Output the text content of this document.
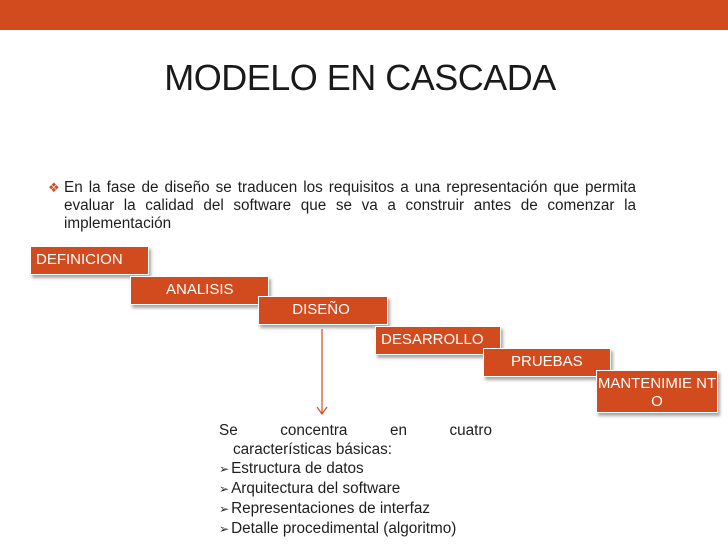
MODELO EN CASCADA
❖ En la fase de diseño se traducen los requisitos a una representación que permita evaluar la calidad del software que se va a construir antes de comenzar la implementación
DEFINICION
ANALISIS
DISEÑO
DESARROLLO
PRUEBAS
MANTENIMIE NTO
Se concentra en cuatro
características básicas:
➢ Estructura de datos
➢ Arquitectura del software
➢ Representaciones de interfaz
➢ Detalle procedimental (algoritmo)
